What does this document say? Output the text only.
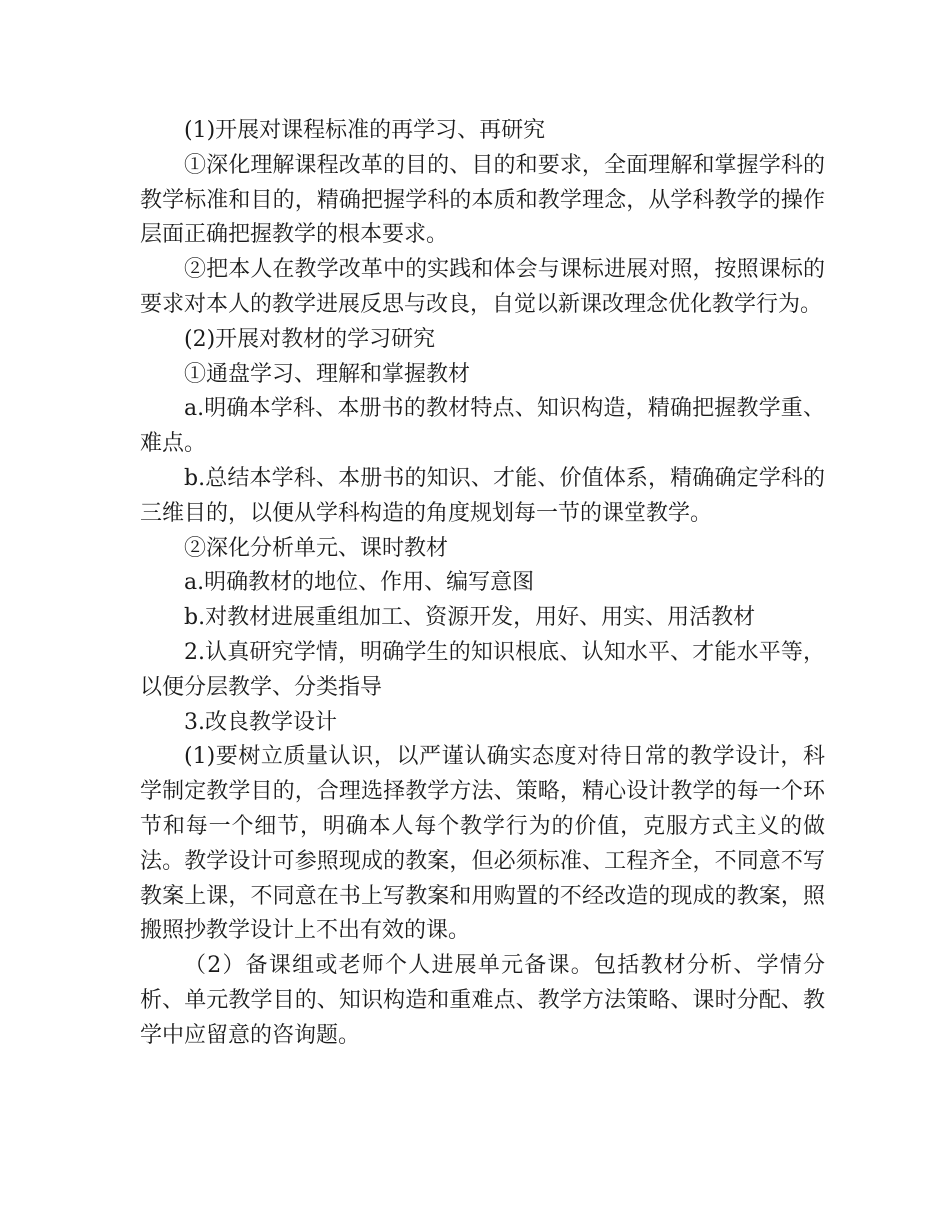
(1)开展对课程标准的再学习、再研究

①深化理解课程改革的目的、目的和要求，全面理解和掌握学科的教学标准和目的，精确把握学科的本质和教学理念，从学科教学的操作层面正确把握教学的根本要求。

②把本人在教学改革中的实践和体会与课标进展对照，按照课标的要求对本人的教学进展反思与改良，自觉以新课改理念优化教学行为。

(2)开展对教材的学习研究

①通盘学习、理解和掌握教材

a.明确本学科、本册书的教材特点、知识构造，精确把握教学重、难点。

b.总结本学科、本册书的知识、才能、价值体系，精确确定学科的三维目的，以便从学科构造的角度规划每一节的课堂教学。

②深化分析单元、课时教材

a.明确教材的地位、作用、编写意图

b.对教材进展重组加工、资源开发，用好、用实、用活教材

2.认真研究学情，明确学生的知识根底、认知水平、才能水平等，以便分层教学、分类指导

3.改良教学设计

(1)要树立质量认识，以严谨认确实态度对待日常的教学设计，科学制定教学目的，合理选择教学方法、策略，精心设计教学的每一个环节和每一个细节，明确本人每个教学行为的价值，克服方式主义的做法。教学设计可参照现成的教案，但必须标准、工程齐全，不同意不写教案上课，不同意在书上写教案和用购置的不经改造的现成的教案，照搬照抄教学设计上不出有效的课。

（2）备课组或老师个人进展单元备课。包括教材分析、学情分析、单元教学目的、知识构造和重难点、教学方法策略、课时分配、教学中应留意的咨询题。
